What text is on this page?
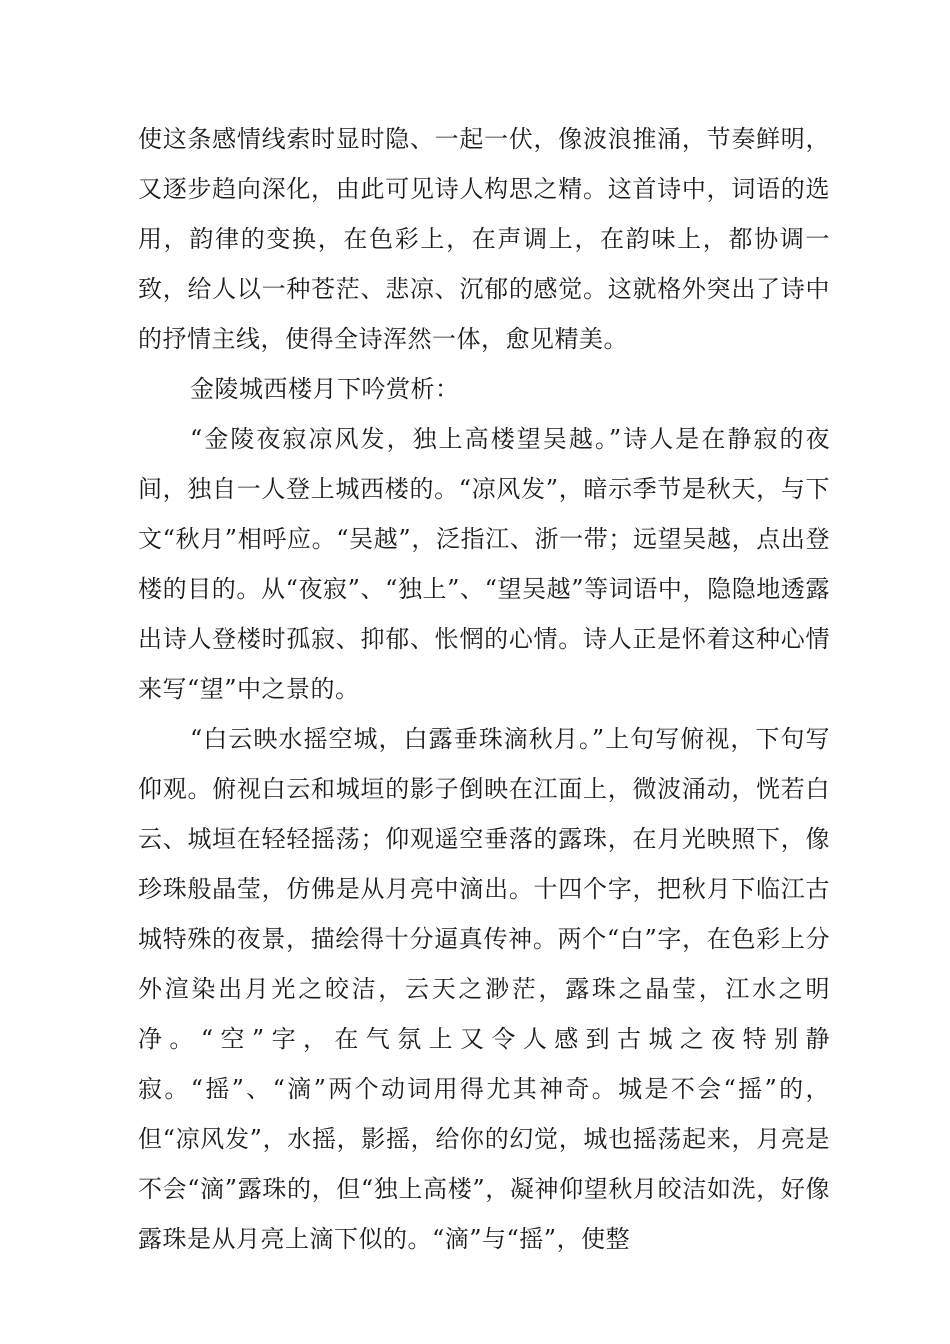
使这条感情线索时显时隐、一起一伏，像波浪推涌，节奏鲜明，又逐步趋向深化，由此可见诗人构思之精。这首诗中，词语的选用，韵律的变换，在色彩上，在声调上，在韵味上，都协调一致，给人以一种苍茫、悲凉、沉郁的感觉。这就格外突出了诗中的抒情主线，使得全诗浑然一体，愈见精美。

金陵城西楼月下吟赏析：

“金陵夜寂凉风发，独上高楼望吴越。”诗人是在静寂的夜间，独自一人登上城西楼的。“凉风发”，暗示季节是秋天，与下文“秋月”相呼应。“吴越”，泛指江、浙一带；远望吴越，点出登楼的目的。从“夜寂”、“独上”、“望吴越”等词语中，隐隐地透露出诗人登楼时孤寂、抑郁、怅惘的心情。诗人正是怀着这种心情来写“望”中之景的。

“白云映水摇空城，白露垂珠滴秋月。”上句写俯视，下句写仰观。俯视白云和城垣的影子倒映在江面上，微波涌动，恍若白云、城垣在轻轻摇荡；仰观遥空垂落的露珠，在月光映照下，像珍珠般晶莹，仿佛是从月亮中滴出。十四个字，把秋月下临江古城特殊的夜景，描绘得十分逼真传神。两个“白”字，在色彩上分外渲染出月光之皎洁，云天之渺茫，露珠之晶莹，江水之明净。“空”字，在气氛上又令人感到古城之夜特别静寂。“摇”、“滴”两个动词用得尤其神奇。城是不会“摇”的，但“凉风发”，水摇，影摇，给你的幻觉，城也摇荡起来，月亮是不会“滴”露珠的，但“独上高楼”，凝神仰望秋月皎洁如洗，好像露珠是从月亮上滴下似的。“滴”与“摇”，使整
